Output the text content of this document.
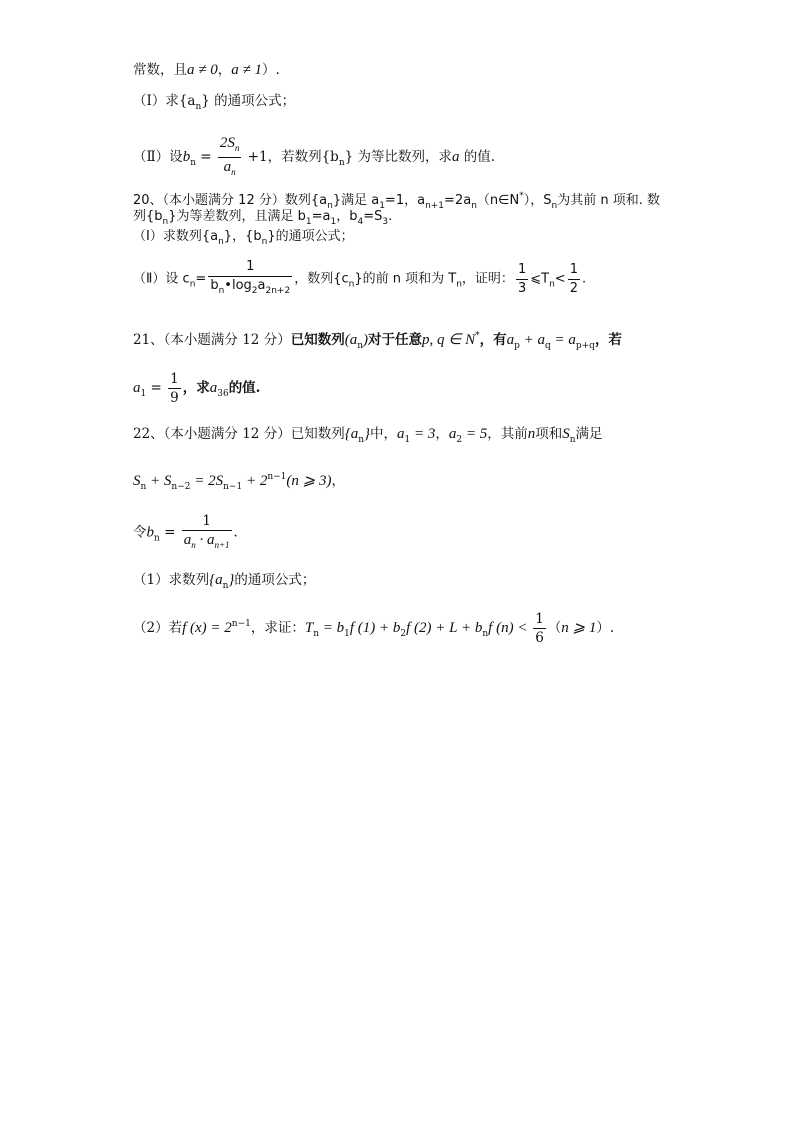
常数，且a ≠ 0，a ≠ 1）.
（Ⅰ）求$\{a_n\}$ 的通项公式；
（Ⅱ）设$b_n = \frac{2S_n}{a_n} +1$，若数列$\{b_n\}$ 为等比数列，求a 的值.
20、（本小题满分 12 分）数列$\{a_n\}$满足 $a_1=1$，$a_{n+1}=2a_n(n\in N^*)$，$S_n$为其前 n 项和. 数
列$\{b_n\}$为等差数列，且满足 $b_1=a_1$，$b_4=S_3$.
（Ⅰ）求数列$\{a_n\}$，$\{b_n\}$的通项公式；
（Ⅱ）设 $c_n= \frac{1}{b_n•\log_2a_{2n+2}}$ ，数列$\{c_n\}$的前 n 项和为 $T_n$，证明： $\frac{1}{3}$ $⩽T_n< \frac{1}{2}$ .
21、（本小题满分 12 分）已知数列$(a_n)$对于任意p, q ∈ N*，有$a_p + a_q = a_{p+q}$，若
$a_1 = \frac{1}{9}$ ，求$a_{36}$的值.
22、（本小题满分 12 分）已知数列$\{a_n\}$中，$a_1 = 3$，$a_2 = 5$，其前n项和$S_n$满足
$S_n + S_{n-2} = 2S_{n-1} + 2^{n-1}(n$ ⩾ 3)，
令$b_n = \frac{1}{a_n \cdot a_{n+1}}$ .
（1）求数列$\{a_n\}$的通项公式；
（2）若f $(x) = 2^{n-1}$，求证：$T_n = b_1f$ $(1) + b_2f$ $(2) + L + b_nf$ $(n) < \frac{1}{6} (n$ ⩾ 1）.
